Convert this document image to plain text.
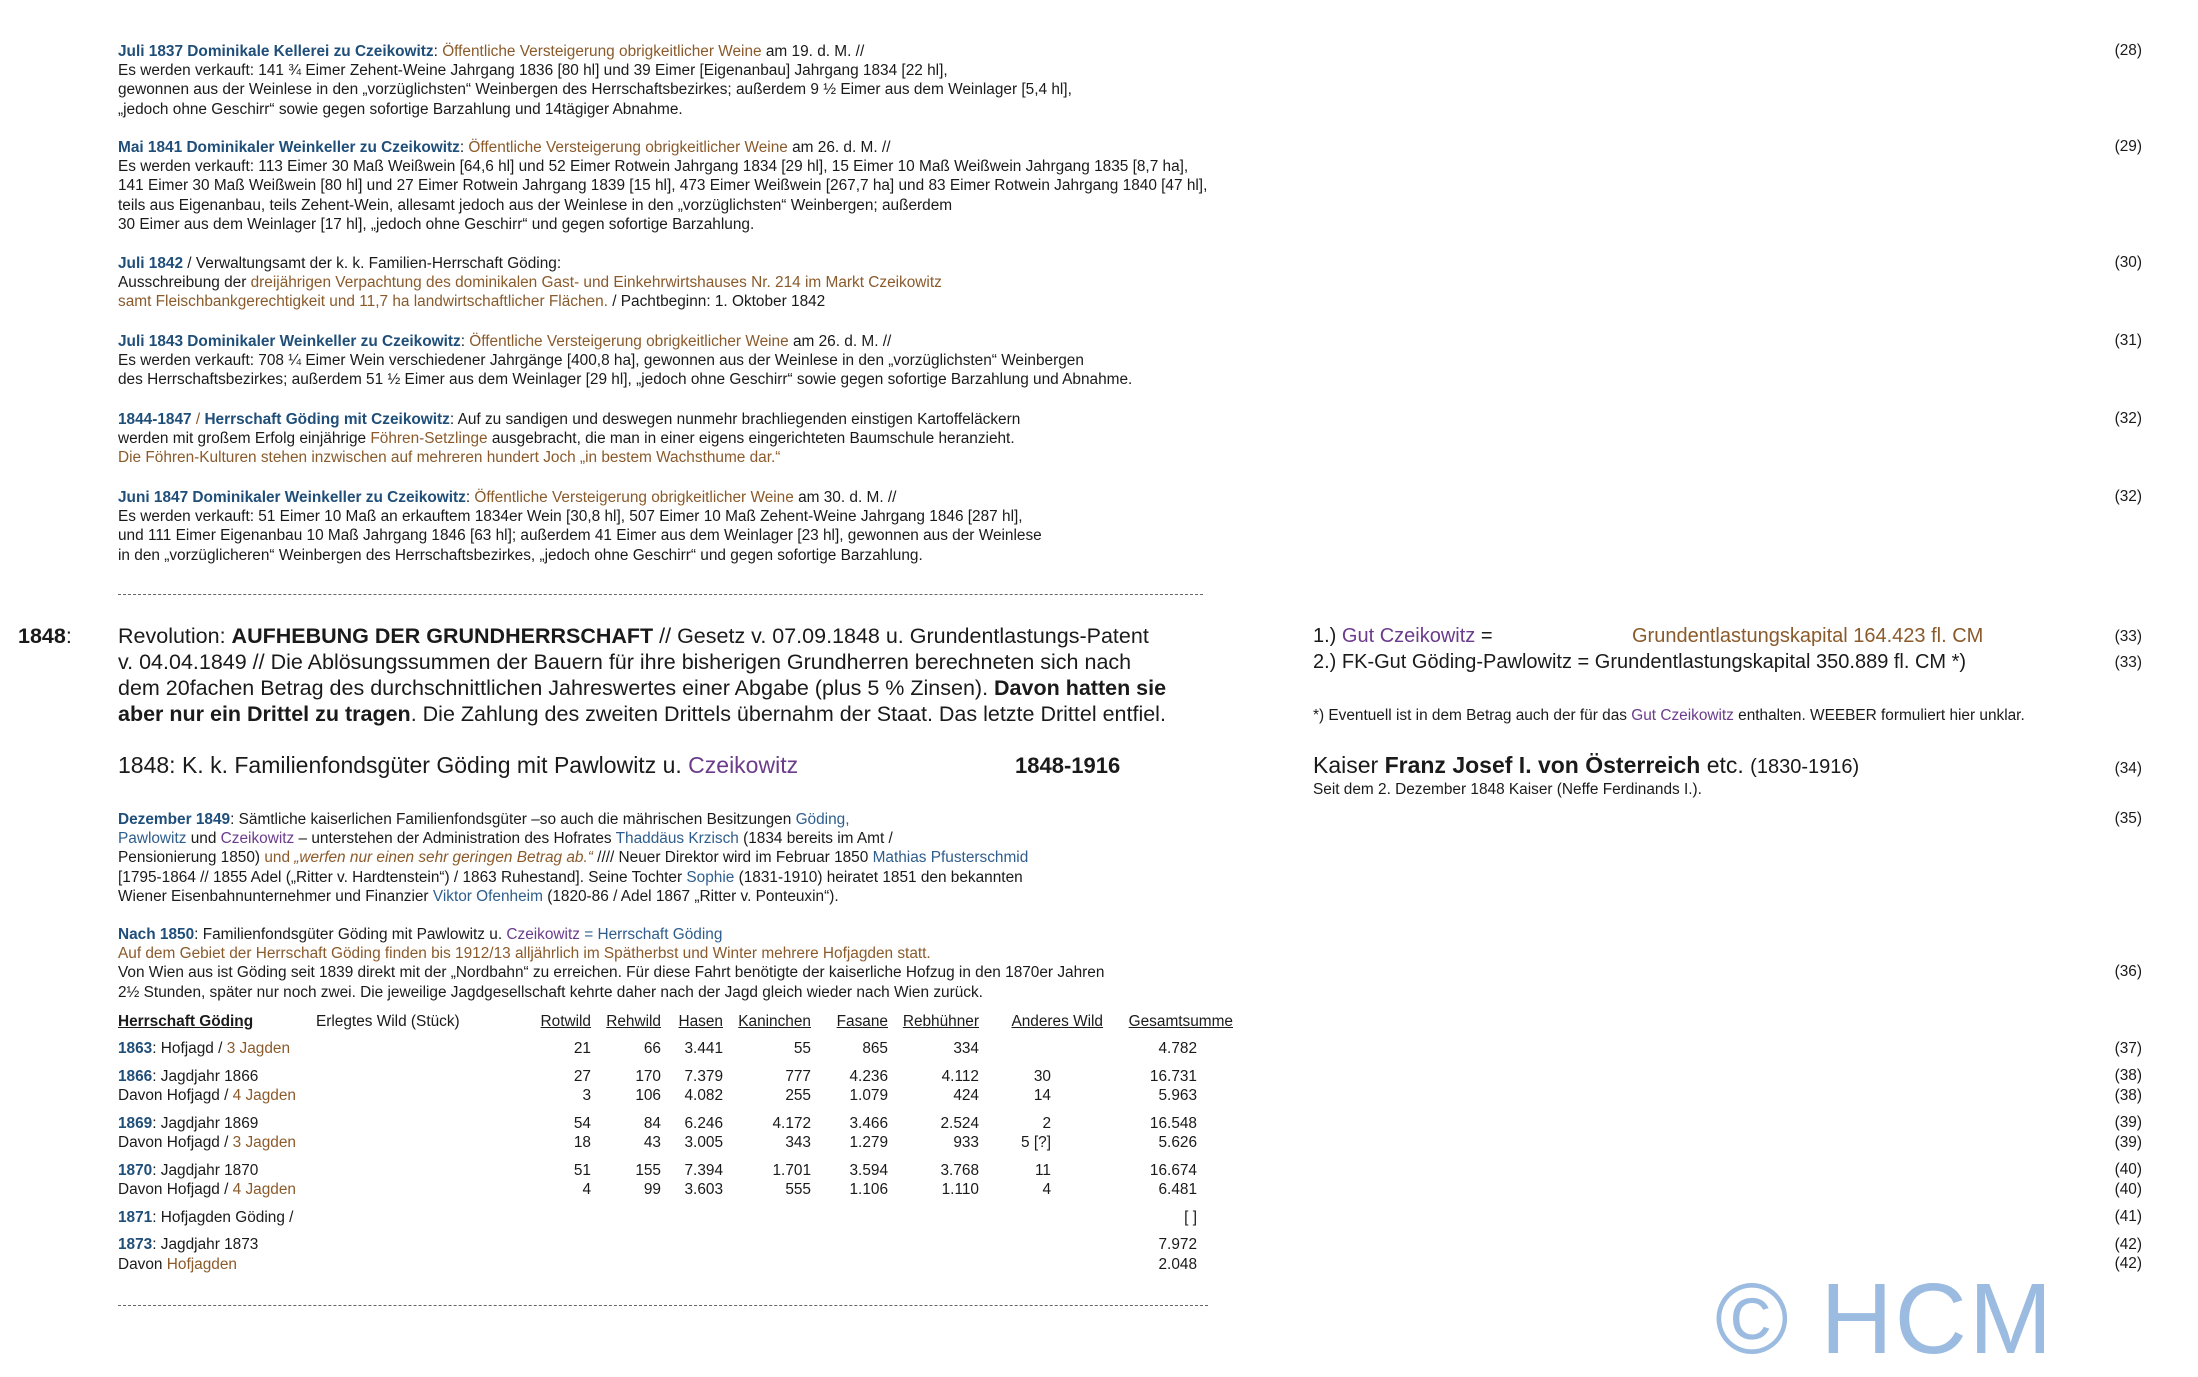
Juli 1837 Dominikale Kellerei zu Czeikowitz: Öffentliche Versteigerung obrigkeitlicher Weine am 19. d. M. //
Es werden verkauft: 141 ¾ Eimer Zehent-Weine Jahrgang 1836 [80 hl] und 39 Eimer [Eigenanbau] Jahrgang 1834 [22 hl],
gewonnen aus der Weinlese in den „vorzüglichsten“ Weinbergen des Herrschaftsbezirkes; außerdem 9 ½ Eimer aus dem Weinlager [5,4 hl],
„jedoch ohne Geschirr“ sowie gegen sofortige Barzahlung und 14tägiger Abnahme.
(28)
Mai 1841 Dominikaler Weinkeller zu Czeikowitz: Öffentliche Versteigerung obrigkeitlicher Weine am 26. d. M. //
Es werden verkauft: 113 Eimer 30 Maß Weißwein [64,6 hl] und 52 Eimer Rotwein Jahrgang 1834 [29 hl], 15 Eimer 10 Maß Weißwein Jahrgang 1835 [8,7 ha],
141 Eimer 30 Maß Weißwein [80 hl] und 27 Eimer Rotwein Jahrgang 1839 [15 hl], 473 Eimer Weißwein [267,7 ha] und 83 Eimer Rotwein Jahrgang 1840 [47 hl],
teils aus Eigenanbau, teils Zehent-Wein, allesamt jedoch aus der Weinlese in den „vorzüglichsten“ Weinbergen; außerdem
30 Eimer aus dem Weinlager [17 hl], „jedoch ohne Geschirr“ und gegen sofortige Barzahlung.
(29)
Juli 1842 / Verwaltungsamt der k. k. Familien-Herrschaft Göding:
Ausschreibung der dreijährigen Verpachtung des dominikalen Gast- und Einkehrwirtshauses Nr. 214 im Markt Czeikowitz
samt Fleischbankgerechtigkeit und 11,7 ha landwirtschaftlicher Flächen. / Pachtbeginn: 1. Oktober 1842
(30)
Juli 1843 Dominikaler Weinkeller zu Czeikowitz: Öffentliche Versteigerung obrigkeitlicher Weine am 26. d. M. //
Es werden verkauft: 708 ¼ Eimer Wein verschiedener Jahrgänge [400,8 ha], gewonnen aus der Weinlese in den „vorzüglichsten“ Weinbergen
des Herrschaftsbezirkes; außerdem 51 ½ Eimer aus dem Weinlager [29 hl], „jedoch ohne Geschirr“ sowie gegen sofortige Barzahlung und Abnahme.
(31)
1844-1847 / Herrschaft Göding mit Czeikowitz: Auf zu sandigen und deswegen nunmehr brachliegenden einstigen Kartoffeläckern
werden mit großem Erfolg einjährige Föhren-Setzlinge ausgebracht, die man in einer eigens eingerichteten Baumschule heranzieht.
Die Föhren-Kulturen stehen inzwischen auf mehreren hundert Joch „in bestem Wachsthume dar.“
(32)
Juni 1847 Dominikaler Weinkeller zu Czeikowitz: Öffentliche Versteigerung obrigkeitlicher Weine am 30. d. M. //
Es werden verkauft: 51 Eimer 10 Maß an erkauftem 1834er Wein [30,8 hl], 507 Eimer 10 Maß Zehent-Weine Jahrgang 1846 [287 hl],
und 111 Eimer Eigenanbau 10 Maß Jahrgang 1846 [63 hl]; außerdem 41 Eimer aus dem Weinlager [23 hl], gewonnen aus der Weinlese
in den „vorzüglicheren“ Weinbergen des Herrschaftsbezirkes, „jedoch ohne Geschirr“ und gegen sofortige Barzahlung.
(32)
1848: Revolution: AUFHEBUNG DER GRUNDHERRSCHAFT // Gesetz v. 07.09.1848 u. Grundentlastungs-Patent
v. 04.04.1849 // Die Ablösungssummen der Bauern für ihre bisherigen Grundherren berechneten sich nach
dem 20fachen Betrag des durchschnittlichen Jahreswertes einer Abgabe (plus 5 % Zinsen). Davon hatten sie
aber nur ein Drittel zu tragen. Die Zahlung des zweiten Drittels übernahm der Staat. Das letzte Drittel entfiel.
1.) Gut Czeikowitz =	Grundentlastungskapital 164.423 fl. CM	(33)
2.) FK-Gut Göding-Pawlowitz = Grundentlastungskapital 350.889 fl. CM *)	(33)
*) Eventuell ist in dem Betrag auch der für das Gut Czeikowitz enthalten. WEEBER formuliert hier unklar.
1848: K. k. Familienfondsgüter Göding mit Pawlowitz u. Czeikowitz	1848-1916	Kaiser Franz Josef I. von Österreich etc. (1830-1916)	(34)
Seit dem 2. Dezember 1848 Kaiser (Neffe Ferdinands I.).
Dezember 1849: Sämtliche kaiserlichen Familienfondsgüter –so auch die mährischen Besitzungen Göding,
Pawlowitz und Czeikowitz – unterstehen der Administration des Hofrates Thaddäus Krzisch (1834 bereits im Amt /
Pensionierung 1850) und „werfen nur einen sehr geringen Betrag ab.“ //// Neuer Direktor wird im Februar 1850 Mathias Pfusterschmid
[1795-1864 // 1855 Adel („Ritter v. Hardtenstein“) / 1863 Ruhestand]. Seine Tochter Sophie (1831-1910) heiratet 1851 den bekannten
Wiener Eisenbahnunternehmer und Finanzier Viktor Ofenheim (1820-86 / Adel 1867 „Ritter v. Ponteuxin“).
(35)
Nach 1850: Familienfondsgüter Göding mit Pawlowitz u. Czeikowitz = Herrschaft Göding
Auf dem Gebiet der Herrschaft Göding finden bis 1912/13 alljährlich im Spätherbst und Winter mehrere Hofjagden statt.
Von Wien aus ist Göding seit 1839 direkt mit der „Nordbahn“ zu erreichen. Für diese Fahrt benötigte der kaiserliche Hofzug in den 1870er Jahren
2½ Stunden, später nur noch zwei. Die jeweilige Jagdgesellschaft kehrte daher nach der Jagd gleich wieder nach Wien zurück.
(36)
Herrschaft Göding	Erlegtes Wild (Stück)	Rotwild	Rehwild	Hasen	Kaninchen	Fasane	Rebhühner	Anderes Wild	Gesamtsumme

1863: Hofjagd / 3 Jagden		21	66	3.441	55	865	334		4.782

1866: Jagdjahr 1866		27	170	7.379	777	4.236	4.112	30	16.731
Davon Hofjagd / 4 Jagden		3	106	4.082	255	1.079	424	14	5.963

1869: Jagdjahr 1869		54	84	6.246	4.172	3.466	2.524	2	16.548
Davon Hofjagd / 3 Jagden		18	43	3.005	343	1.279	933	5 [?]	5.626

1870: Jagdjahr 1870		51	155	7.394	1.701	3.594	3.768	11	16.674
Davon Hofjagd / 4 Jagden		4	99	3.603	555	1.106	1.110	4	6.481

1871: Hofjagden Göding /									[ ]

1873: Jagdjahr 1873									7.972
Davon Hofjagden									2.048
(37)
(38)
(38)
(39)
(39)
(40)
(40)
(41)
(42)
(42)
© HCM
